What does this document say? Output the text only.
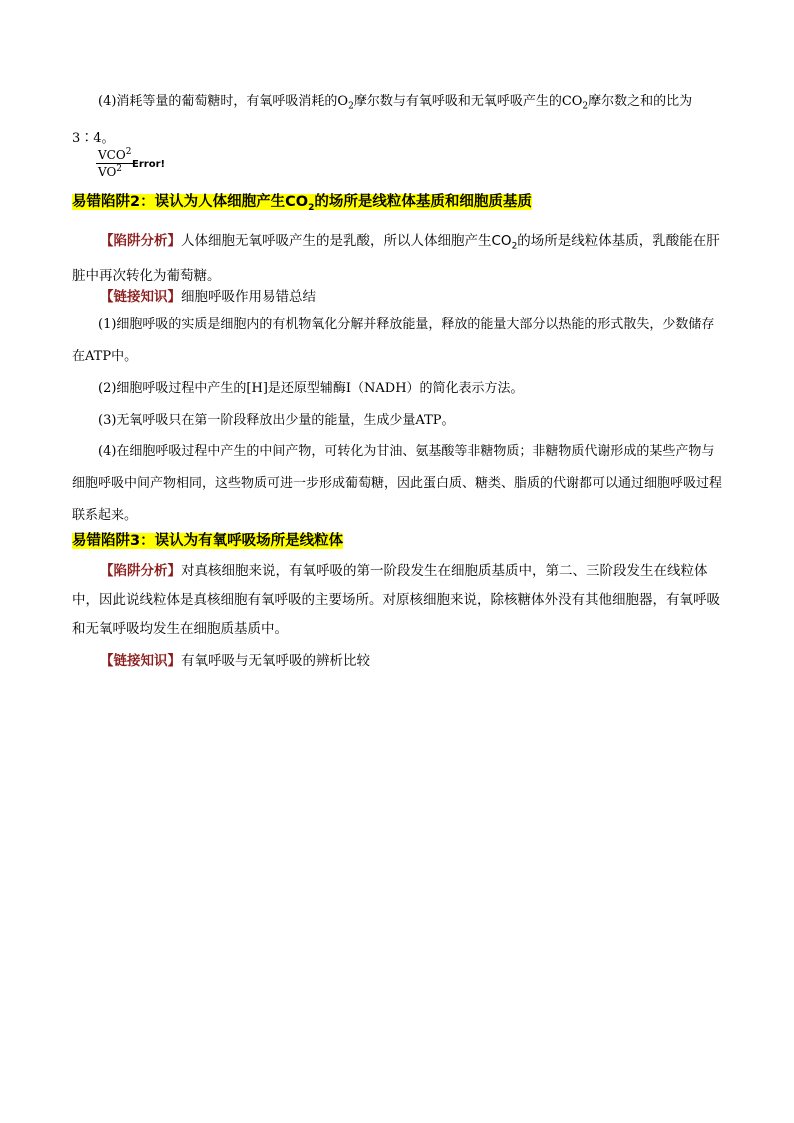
(4)消耗等量的葡萄糖时，有氧呼吸消耗的$O_2$摩尔数与有氧呼吸和无氧呼吸产生的$CO_2$摩尔数之和的比为3∶4。
VCO$^2$
$VO^2$ Error!
易错陷阱2：误认为人体细胞产生$CO_2$的场所是线粒体基质和细胞质基质
【陷阱分析】人体细胞无氧呼吸产生的是乳酸，所以人体细胞产生$CO_2$的场所是线粒体基质，乳酸能在肝脏中再次转化为葡萄糖。
【链接知识】细胞呼吸作用易错总结
(1)细胞呼吸的实质是细胞内的有机物氧化分解并释放能量，释放的能量大部分以热能的形式散失，少数储存在ATP中。
(2)细胞呼吸过程中产生的[H]是还原型辅酶Ⅰ（NADH）的简化表示方法。
(3)无氧呼吸只在第一阶段释放出少量的能量，生成少量ATP。
(4)在细胞呼吸过程中产生的中间产物，可转化为甘油、氨基酸等非糖物质；非糖物质代谢形成的某些产物与细胞呼吸中间产物相同，这些物质可进一步形成葡萄糖，因此蛋白质、糖类、脂质的代谢都可以通过细胞呼吸过程联系起来。
易错陷阱3：误认为有氧呼吸场所是线粒体
【陷阱分析】对真核细胞来说，有氧呼吸的第一阶段发生在细胞质基质中，第二、三阶段发生在线粒体中，因此说线粒体是真核细胞有氧呼吸的主要场所。对原核细胞来说，除核糖体外没有其他细胞器，有氧呼吸和无氧呼吸均发生在细胞质基质中。
【链接知识】有氧呼吸与无氧呼吸的辨析比较
